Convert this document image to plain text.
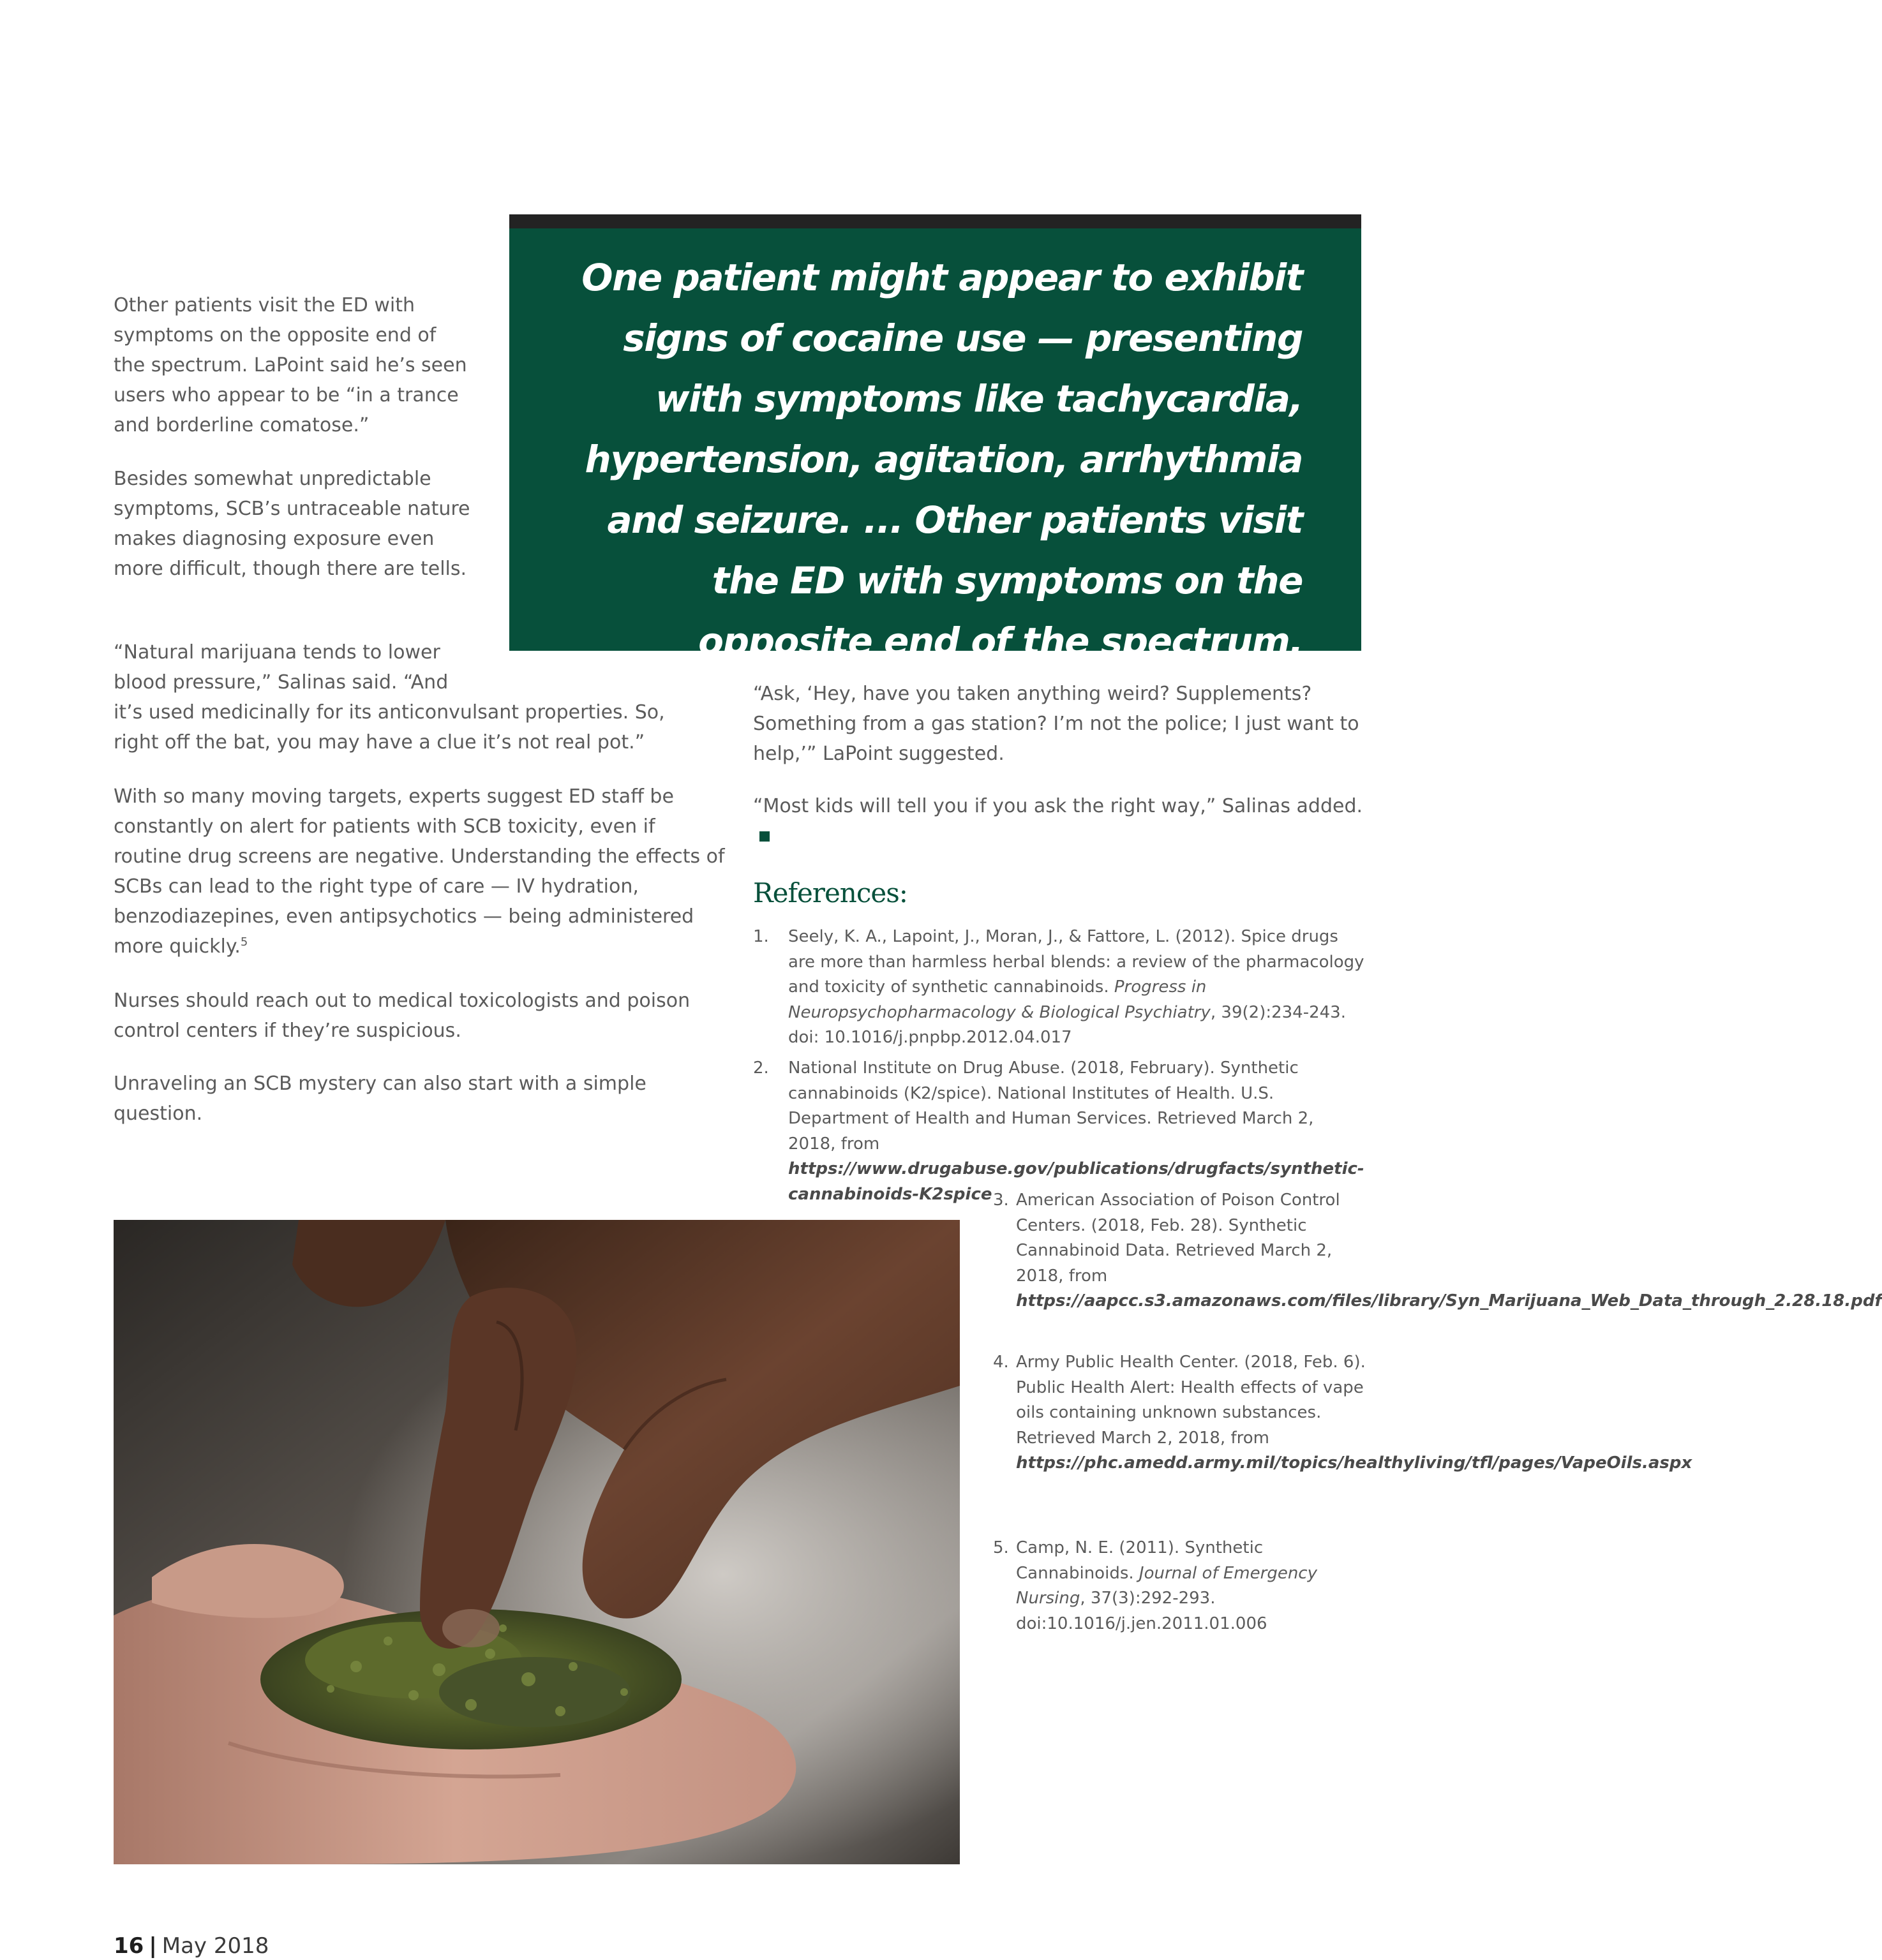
One patient might appear to exhibit signs of cocaine use — presenting with symptoms like tachycardia, hypertension, agitation, arrhythmia and seizure. ... Other patients visit the ED with symptoms on the opposite end of the spectrum.

Other patients visit the ED with symptoms on the opposite end of the spectrum. LaPoint said he’s seen users who appear to be “in a trance and borderline comatose.”

Besides somewhat unpredictable symptoms, SCB’s untraceable nature makes diagnosing exposure even more difficult, though there are tells.

“Natural marijuana tends to lower
blood pressure,” Salinas said. “And
it’s used medicinally for its anticonvulsant properties. So,
right off the bat, you may have a clue it’s not real pot.”

With so many moving targets, experts suggest ED staff be constantly on alert for patients with SCB toxicity, even if routine drug screens are negative. Understanding the effects of SCBs can lead to the right type of care — IV hydration, benzodiazepines, even antipsychotics — being administered more quickly.$^5$

Nurses should reach out to medical toxicologists and poison control centers if they’re suspicious.

Unraveling an SCB mystery can also start with a simple question.

“Ask, ‘Hey, have you taken anything weird? Supplements? Something from a gas station? I’m not the police; I just want to help,’” LaPoint suggested.

“Most kids will tell you if you ask the right way,” Salinas added.

References:
1. Seely, K. A., Lapoint, J., Moran, J., & Fattore, L. (2012). Spice drugs are more than harmless herbal blends: a review of the pharmacology and toxicity of synthetic cannabinoids. Progress in Neuropsychopharmacology & Biological Psychiatry, 39(2):234-243. doi: 10.1016/j.pnpbp.2012.04.017
2. National Institute on Drug Abuse. (2018, February). Synthetic cannabinoids (K2/spice). National Institutes of Health. U.S. Department of Health and Human Services. Retrieved March 2, 2018, from https://www.drugabuse.gov/publications/drugfacts/synthetic-cannabinoids-K2spice 3. American Association of Poison Control Centers. (2018, Feb. 28). Synthetic Cannabinoid Data. Retrieved March 2, 2018, from https://aapcc.s3.amazonaws.com/files/library/Syn_Marijuana_Web_Data_through_2.28.18.pdf
4. Army Public Health Center. (2018, Feb. 6). Public Health Alert: Health effects of vape oils containing unknown substances. Retrieved March 2, 2018, from https://phc.amedd.army.mil/topics/healthyliving/tfl/pages/VapeOils.aspx
5. Camp, N. E. (2011). Synthetic Cannabinoids. Journal of Emergency Nursing, 37(3):292-293. doi:10.1016/j.jen.2011.01.006
16 | May 2018
